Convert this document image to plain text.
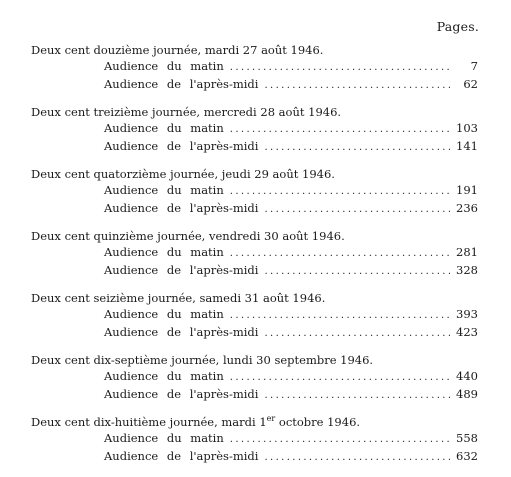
Pages.
Deux cent douzième journée, mardi 27 août 1946.
Audience du matin . . .	7
Audience de l'après-midi . . .	62
Deux cent treizième journée, mercredi 28 août 1946.
Audience du matin . . .	103
Audience de l'après-midi . . .	141
Deux cent quatorzième journée, jeudi 29 août 1946.
Audience du matin . . .	191
Audience de l'après-midi . . .	236
Deux cent quinzième journée, vendredi 30 août 1946.
Audience du matin . . .	281
Audience de l'après-midi . . .	328
Deux cent seizième journée, samedi 31 août 1946.
Audience du matin . . .	393
Audience de l'après-midi . . .	423
Deux cent dix-septième journée, lundi 30 septembre 1946.
Audience du matin . . .	440
Audience de l'après-midi . . .	489
Deux cent dix-huitième journée, mardi 1er octobre 1946.
Audience du matin . . .	558
Audience de l'après-midi . . .	632
